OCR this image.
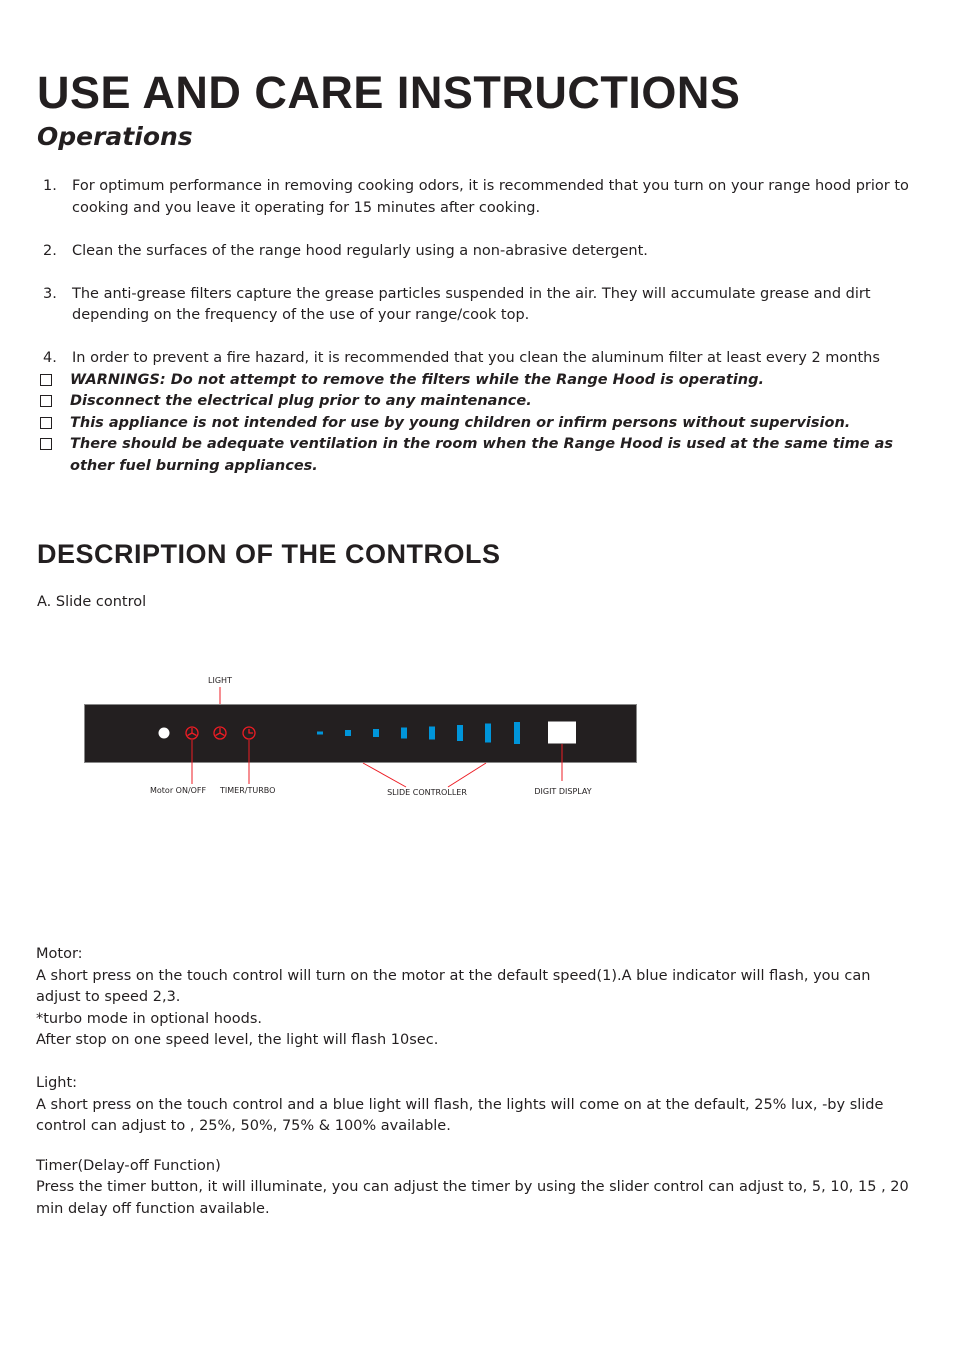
USE AND CARE INSTRUCTIONS
Operations
1. For optimum performance in removing cooking odors, it is recommended that you turn on your range hood prior to cooking and you leave it operating for 15 minutes after cooking.
2. Clean the surfaces of the range hood regularly using a non-abrasive detergent.
3. The anti-grease filters capture the grease particles suspended in the air. They will accumulate grease and dirt depending on the frequency of the use of your range/cook top.
4. In order to prevent a fire hazard, it is recommended that you clean the aluminum filter at least every 2 months
WARNINGS: Do not attempt to remove the filters while the Range Hood is operating.
Disconnect the electrical plug prior to any maintenance.
This appliance is not intended for use by young children or infirm persons without supervision.
There should be adequate ventilation in the room when the Range Hood is used at the same time as other fuel burning appliances.
DESCRIPTION OF THE CONTROLS
A. Slide control
LIGHT
Motor ON/OFF TIMER/TURBO	SLIDE CONTROLLER	DIGIT DISPLAY

Motor:

A short press on the touch control will turn on the motor at the default speed(1).A blue indicator will flash, you can adjust to speed 2,3.

*turbo mode in optional hoods.

After stop on one speed level, the light will flash 10sec.

Light:

A short press on the touch control and a blue light will flash, the lights will come on at the default, 25% lux, -by slide control can adjust to , 25%, 50%, 75% & 100% available.

Timer(Delay-off Function)

Press the timer button, it will illuminate, you can adjust the timer by using the slider control can adjust to, 5, 10, 15 , 20 min delay off function available.
